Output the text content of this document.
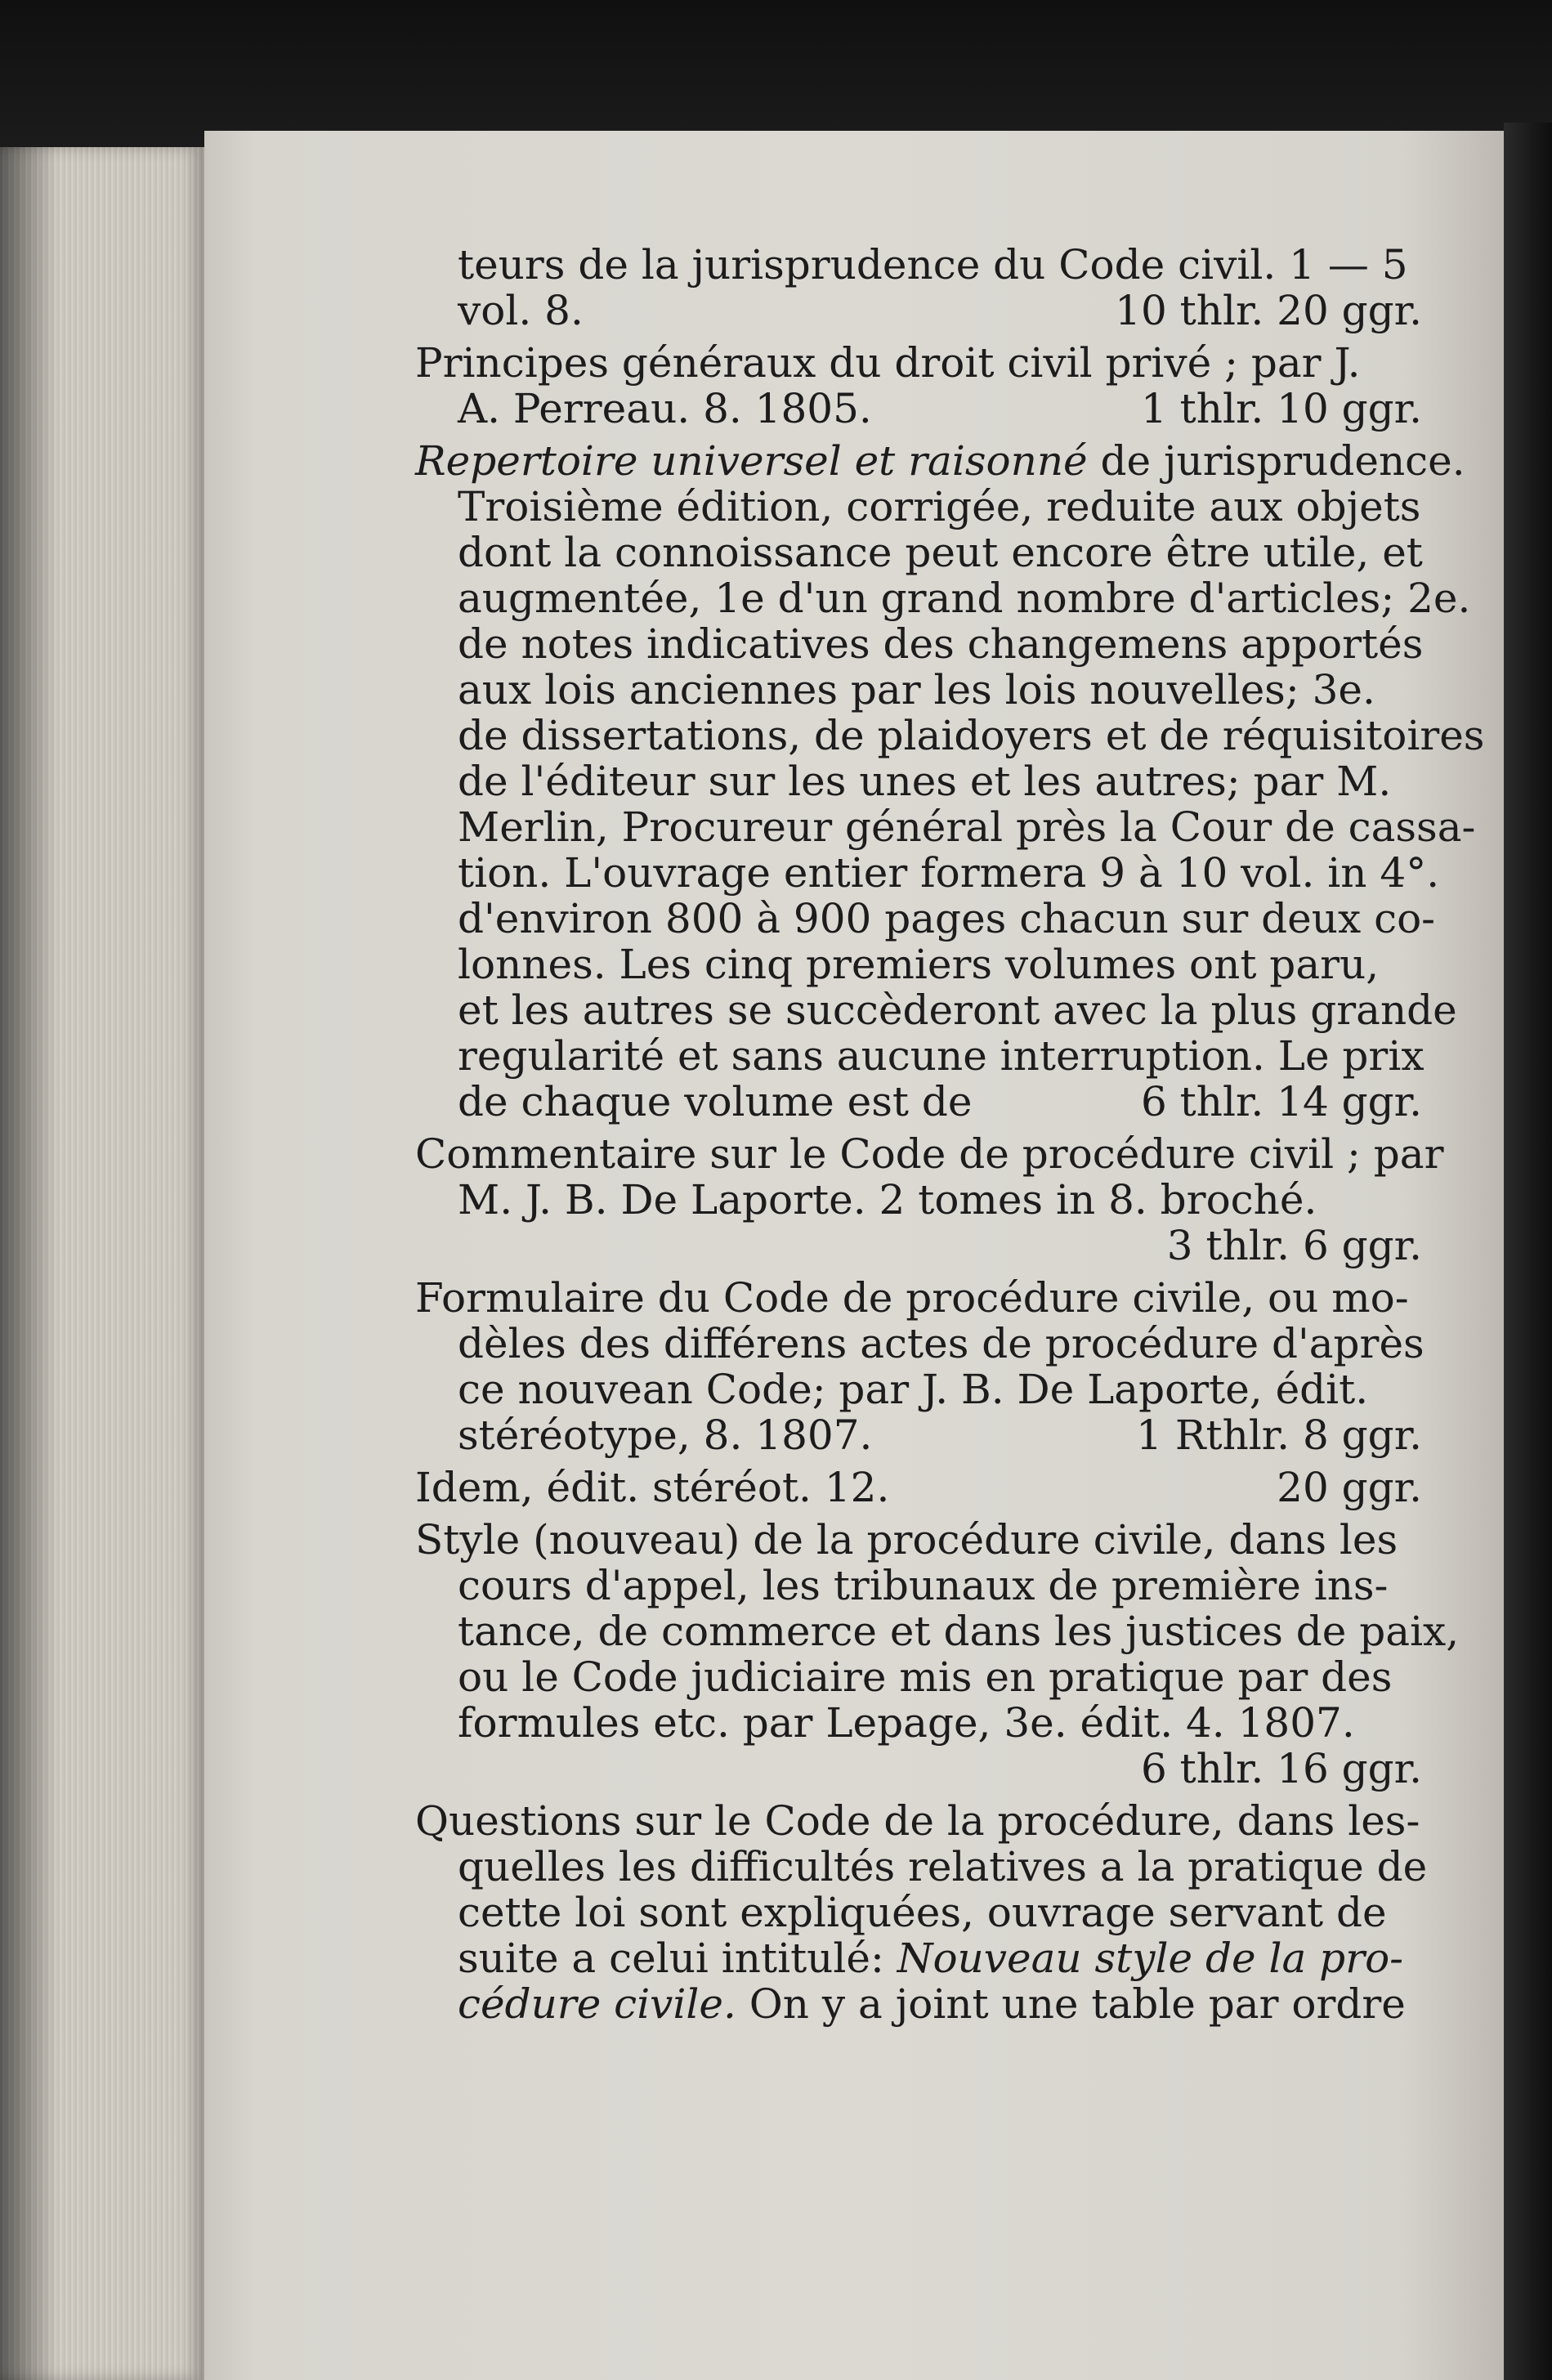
teurs de la jurisprudence du Code civil. 1 — 5
vol. 8.	10 thlr. 20 ggr.
Principes généraux du droit civil privé ; par J.
A. Perreau. 8. 1805.	1 thlr. 10 ggr.
Repertoire universel et raisonné de jurisprudence.
Troisième édition, corrigée, reduite aux objets
dont la connoissance peut encore être utile, et
augmentée, 1e d'un grand nombre d'articles; 2e.
de notes indicatives des changemens apportés
aux lois anciennes par les lois nouvelles; 3e.
de dissertations, de plaidoyers et de réquisitoires
de l'éditeur sur les unes et les autres; par M.
Merlin, Procureur général près la Cour de cassa-
tion. L'ouvrage entier formera 9 à 10 vol. in 4°.
d'environ 800 à 900 pages chacun sur deux co-
lonnes. Les cinq premiers volumes ont paru,
et les autres se succèderont avec la plus grande
regularité et sans aucune interruption. Le prix
de chaque volume est de	6 thlr. 14 ggr.
Commentaire sur le Code de procédure civil ; par
M. J. B. De Laporte. 2 tomes in 8. broché.
3 thlr. 6 ggr.
Formulaire du Code de procédure civile, ou mo-
dèles des différens actes de procédure d'après
ce nouvean Code; par J. B. De Laporte, édit.
stéréotype, 8. 1807.	1 Rthlr. 8 ggr.
Idem, édit. stéréot. 12.	20 ggr.
Style (nouveau) de la procédure civile, dans les
cours d'appel, les tribunaux de première ins-
tance, de commerce et dans les justices de paix,
ou le Code judiciaire mis en pratique par des
formules etc. par Lepage, 3e. édit. 4. 1807.
6 thlr. 16 ggr.
Questions sur le Code de la procédure, dans les-
quelles les difficultés relatives a la pratique de
cette loi sont expliquées, ouvrage servant de
suite a celui intitulé: Nouveau style de la pro-
cédure civile. On y a joint une table par ordre
